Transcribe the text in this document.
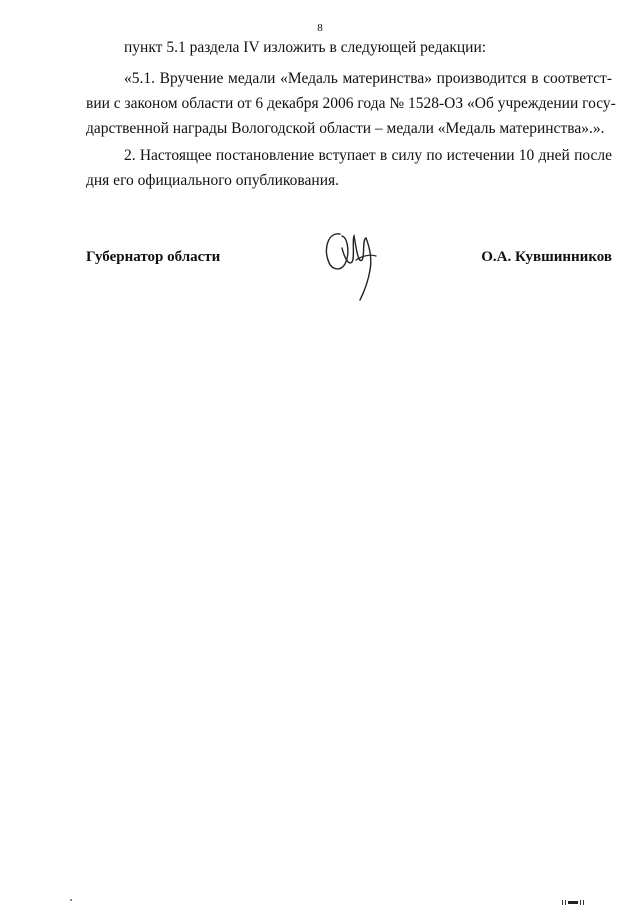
8
пункт 5.1 раздела IV изложить в следующей редакции:
«5.1. Вручение медали «Медаль материнства» производится в соответст-
вии с законом области от 6 декабря 2006 года № 1528-ОЗ «Об учреждении госу-
дарственной награды Вологодской области – медали «Медаль материнства».».
2. Настоящее постановление вступает в силу по истечении 10 дней после
дня его официального опубликования.
Губернатор области	О.А. Кувшинников
